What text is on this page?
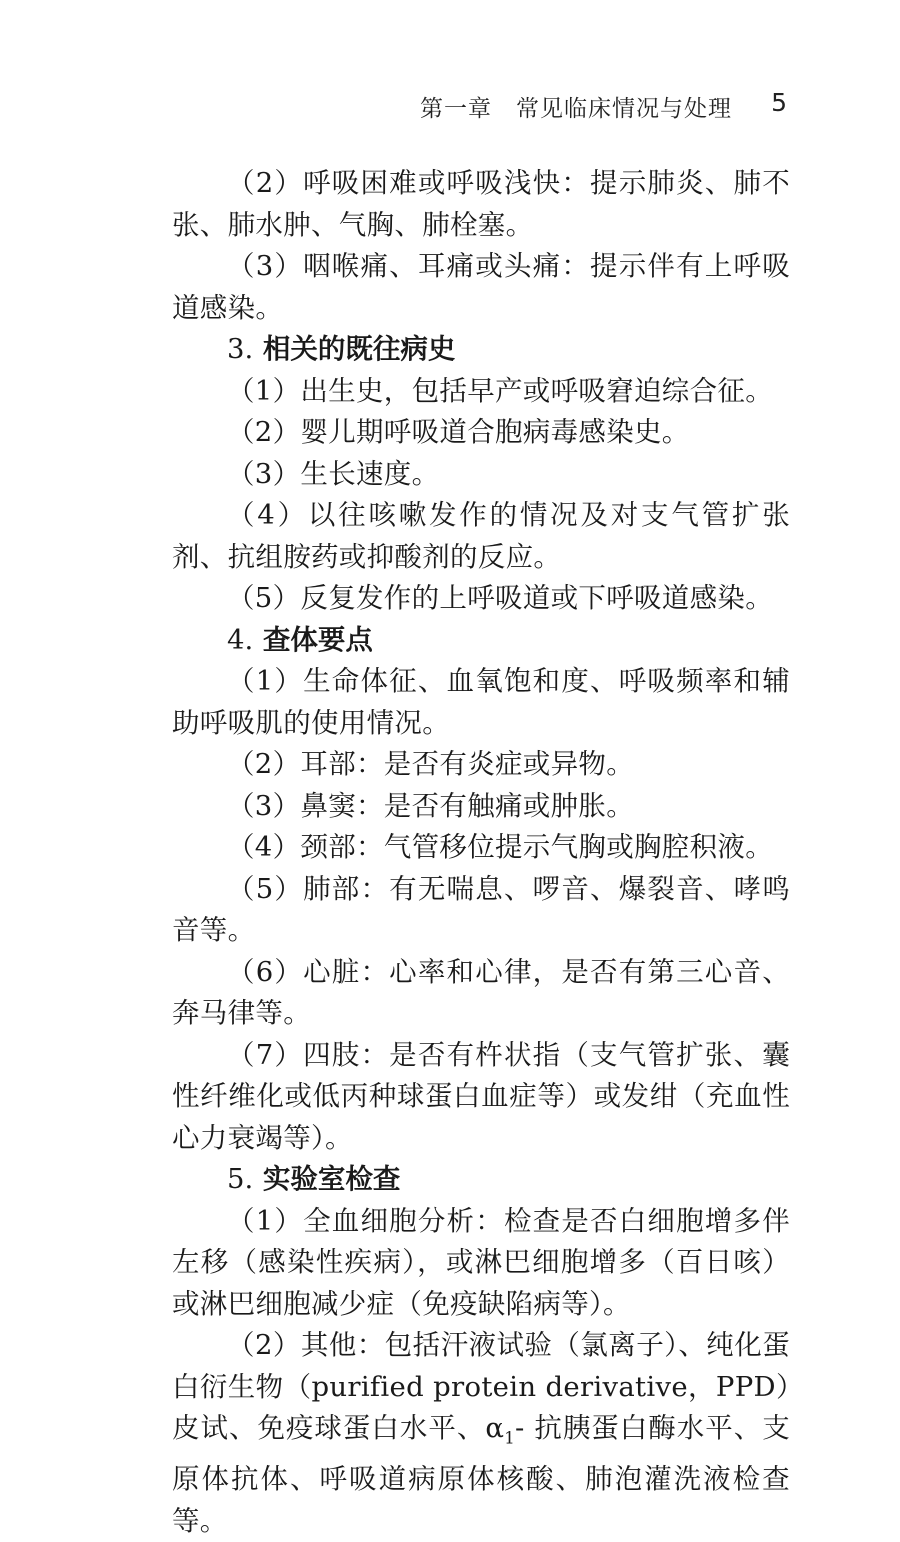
第一章　常见临床情况与处理 5

（2）呼吸困难或呼吸浅快：提示肺炎、肺不张、肺水肿、气胸、肺栓塞。

（3）咽喉痛、耳痛或头痛：提示伴有上呼吸道感染。

3. 相关的既往病史

（1）出生史，包括早产或呼吸窘迫综合征。

（2）婴儿期呼吸道合胞病毒感染史。

（3）生长速度。

（4）以往咳嗽发作的情况及对支气管扩张剂、抗组胺药或抑酸剂的反应。

（5）反复发作的上呼吸道或下呼吸道感染。

4. 查体要点

（1）生命体征、血氧饱和度、呼吸频率和辅助呼吸肌的使用情况。

（2）耳部：是否有炎症或异物。

（3）鼻窦：是否有触痛或肿胀。

（4）颈部：气管移位提示气胸或胸腔积液。

（5）肺部：有无喘息、啰音、爆裂音、哮鸣音等。

（6）心脏：心率和心律，是否有第三心音、奔马律等。

（7）四肢：是否有杵状指（支气管扩张、囊性纤维化或低丙种球蛋白血症等）或发绀（充血性心力衰竭等）。

5. 实验室检查

（1）全血细胞分析：检查是否白细胞增多伴左移（感染性疾病），或淋巴细胞增多（百日咳）或淋巴细胞减少症（免疫缺陷病等）。

（2）其他：包括汗液试验（氯离子）、纯化蛋白衍生物（purified protein derivative，PPD）皮试、免疫球蛋白水平、$\alpha_1-$ 抗胰蛋白酶水平、支原体抗体、呼吸道病原体核酸、肺泡灌洗液检查等。
